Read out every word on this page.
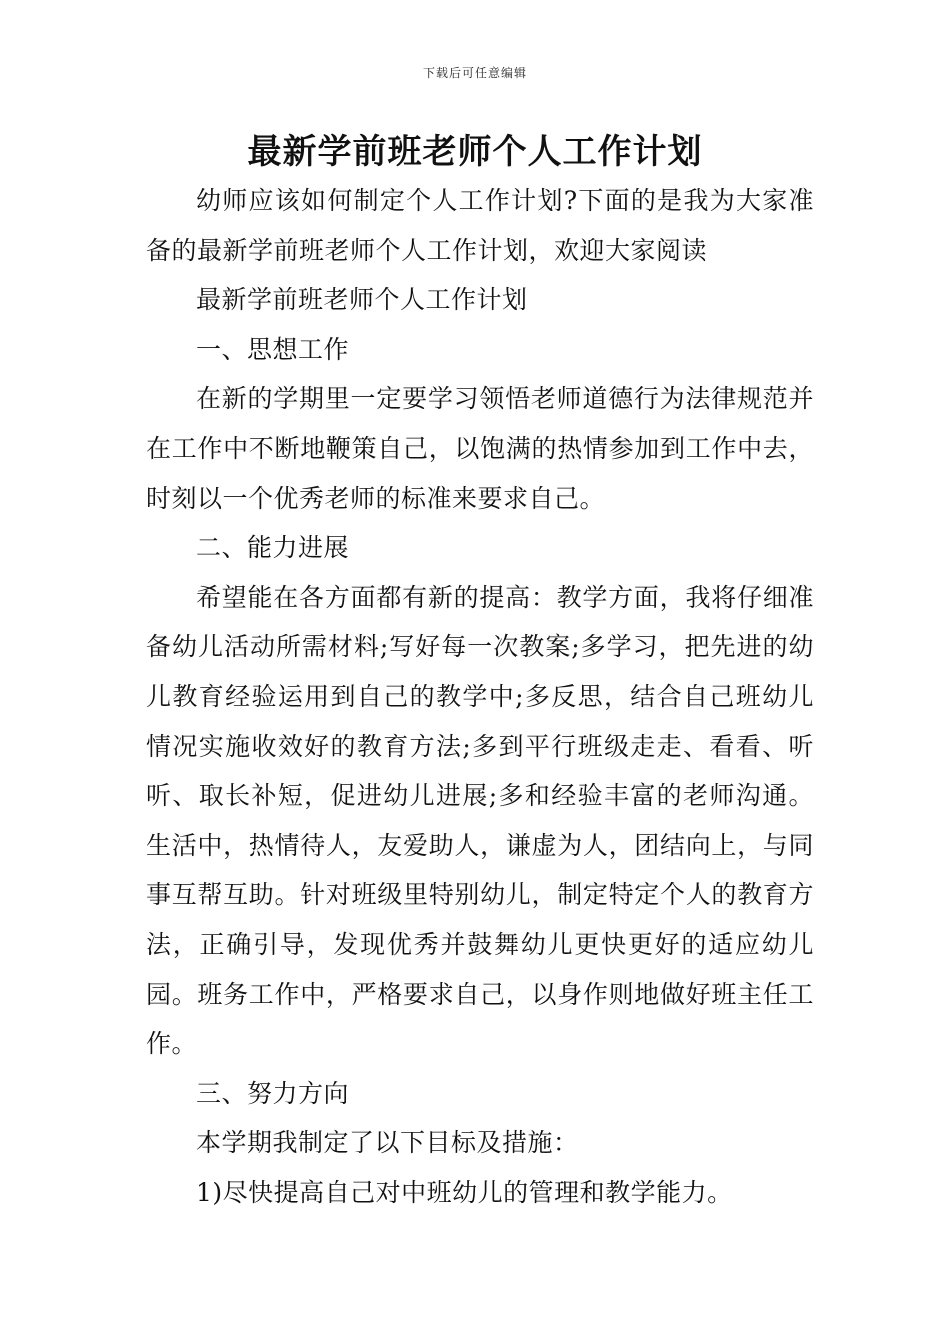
下载后可任意编辑
最新学前班老师个人工作计划

幼师应该如何制定个人工作计划?下面的是我为大家准备的最新学前班老师个人工作计划，欢迎大家阅读

最新学前班老师个人工作计划

一、思想工作

在新的学期里一定要学习领悟老师道德行为法律规范并在工作中不断地鞭策自己，以饱满的热情参加到工作中去，时刻以一个优秀老师的标准来要求自己。

二、能力进展

希望能在各方面都有新的提高：教学方面，我将仔细准备幼儿活动所需材料;写好每一次教案;多学习，把先进的幼儿教育经验运用到自己的教学中;多反思，结合自己班幼儿情况实施收效好的教育方法;多到平行班级走走、看看、听听、取长补短，促进幼儿进展;多和经验丰富的老师沟通。生活中，热情待人，友爱助人，谦虚为人，团结向上，与同事互帮互助。针对班级里特别幼儿，制定特定个人的教育方法，正确引导，发现优秀并鼓舞幼儿更快更好的适应幼儿园。班务工作中，严格要求自己，以身作则地做好班主任工作。

三、努力方向

本学期我制定了以下目标及措施：

1)尽快提高自己对中班幼儿的管理和教学能力。
